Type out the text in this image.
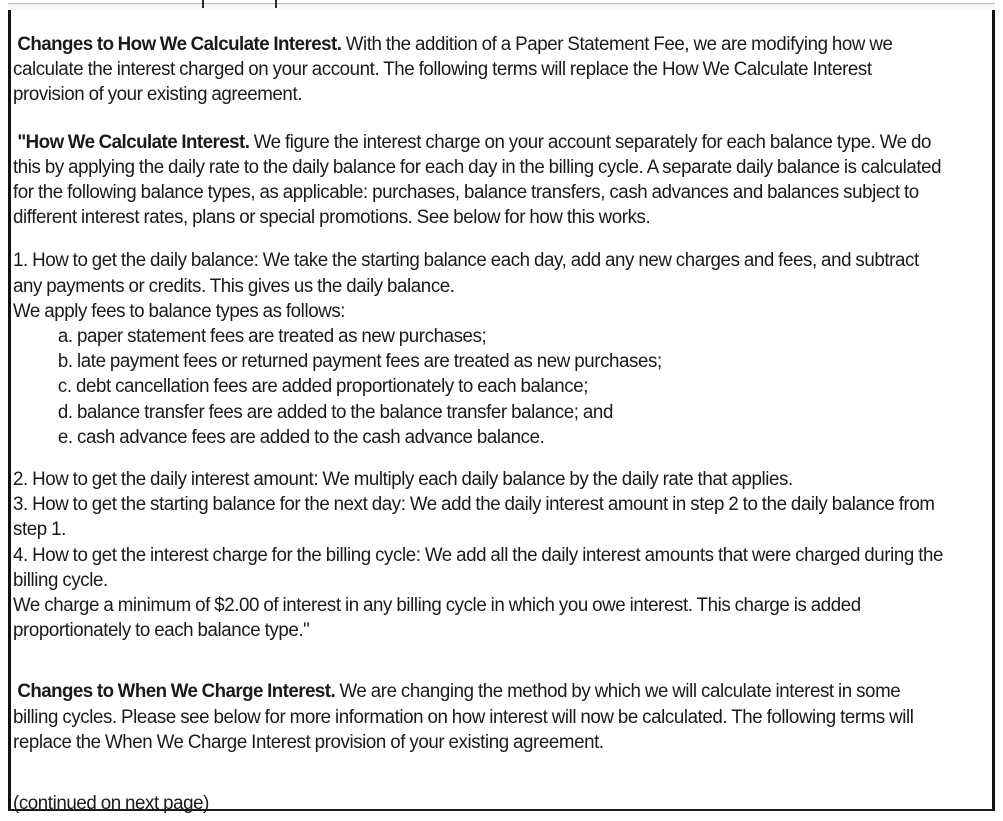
Changes to How We Calculate Interest. With the addition of a Paper Statement Fee, we are modifying how we calculate the interest charged on your account. The following terms will replace the How We Calculate Interest provision of your existing agreement.

"How We Calculate Interest. We figure the interest charge on your account separately for each balance type. We do this by applying the daily rate to the daily balance for each day in the billing cycle. A separate daily balance is calculated for the following balance types, as applicable: purchases, balance transfers, cash advances and balances subject to different interest rates, plans or special promotions. See below for how this works.

1. How to get the daily balance: We take the starting balance each day, add any new charges and fees, and subtract any payments or credits. This gives us the daily balance.

We apply fees to balance types as follows:

a. paper statement fees are treated as new purchases;

b. late payment fees or returned payment fees are treated as new purchases;

c. debt cancellation fees are added proportionately to each balance;

d. balance transfer fees are added to the balance transfer balance; and

e. cash advance fees are added to the cash advance balance.

2. How to get the daily interest amount: We multiply each daily balance by the daily rate that applies.

3. How to get the starting balance for the next day: We add the daily interest amount in step 2 to the daily balance from step 1.

4. How to get the interest charge for the billing cycle: We add all the daily interest amounts that were charged during the billing cycle.

We charge a minimum of $2.00 of interest in any billing cycle in which you owe interest. This charge is added proportionately to each balance type."

Changes to When We Charge Interest. We are changing the method by which we will calculate interest in some billing cycles. Please see below for more information on how interest will now be calculated. The following terms will replace the When We Charge Interest provision of your existing agreement.

(continued on next page)
